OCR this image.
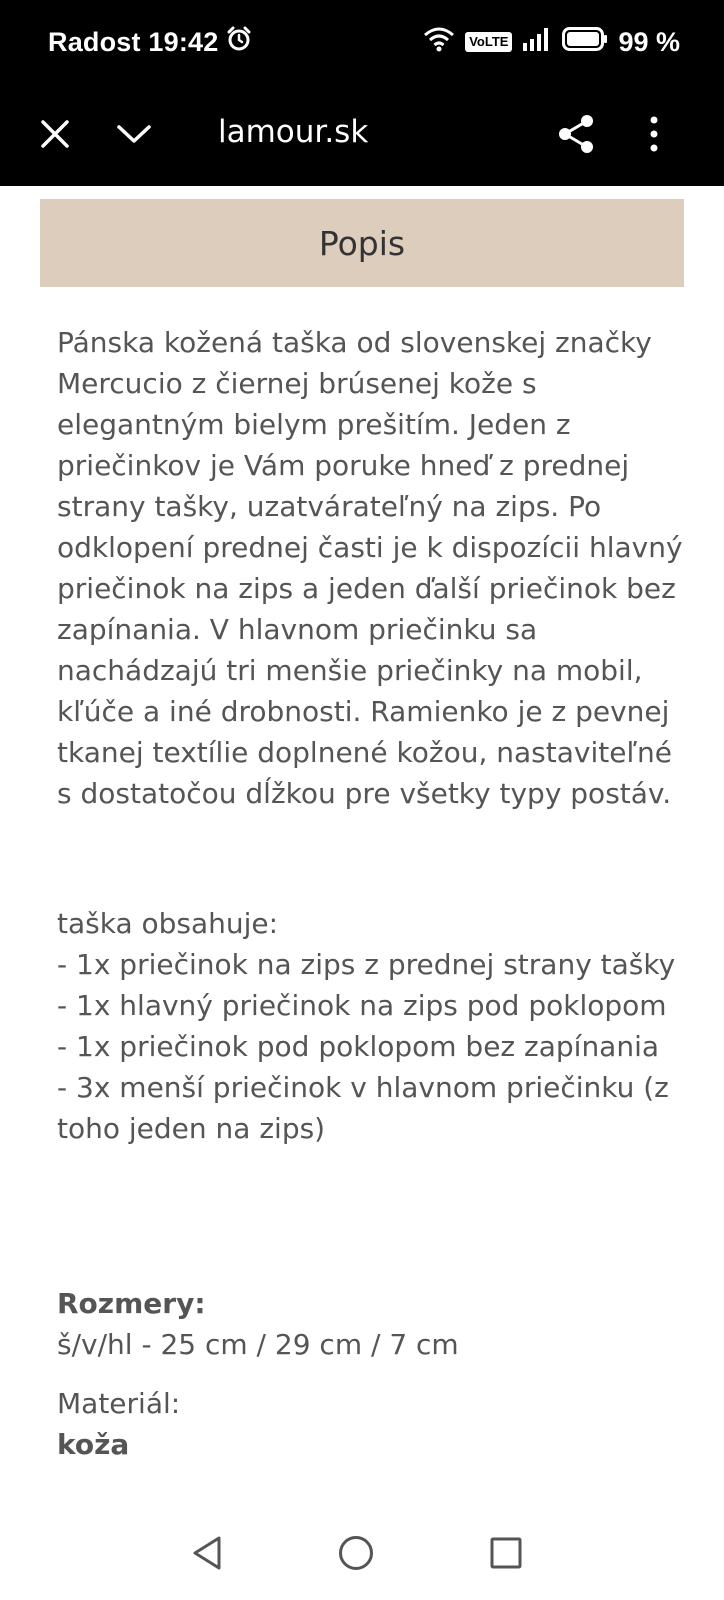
Radost 19:42	VoLTE	99 %
lamour.sk
Popis

Pánska kožená taška od slovenskej značky Mercucio z čiernej brúsenej kože s elegantným bielym prešitím. Jeden z priečinkov je Vám poruke hneď z prednej strany tašky, uzatvárateľný na zips. Po odklopení prednej časti je k dispozícii hlavný priečinok na zips a jeden ďalší priečinok bez zapínania. V hlavnom priečinku sa nachádzajú tri menšie priečinky na mobil, kľúče a iné drobnosti. Ramienko je z pevnej tkanej textílie doplnené kožou, nastaviteľné s dostatočou dĺžkou pre všetky typy postáv.

taška obsahuje:

- 1x priečinok na zips z prednej strany tašky

- 1x hlavný priečinok na zips pod poklopom

- 1x priečinok pod poklopom bez zapínania

- 3x menší priečinok v hlavnom priečinku (z toho jeden na zips)

Rozmery:

š/v/hl - 25 cm / 29 cm / 7 cm

Materiál:

koža
